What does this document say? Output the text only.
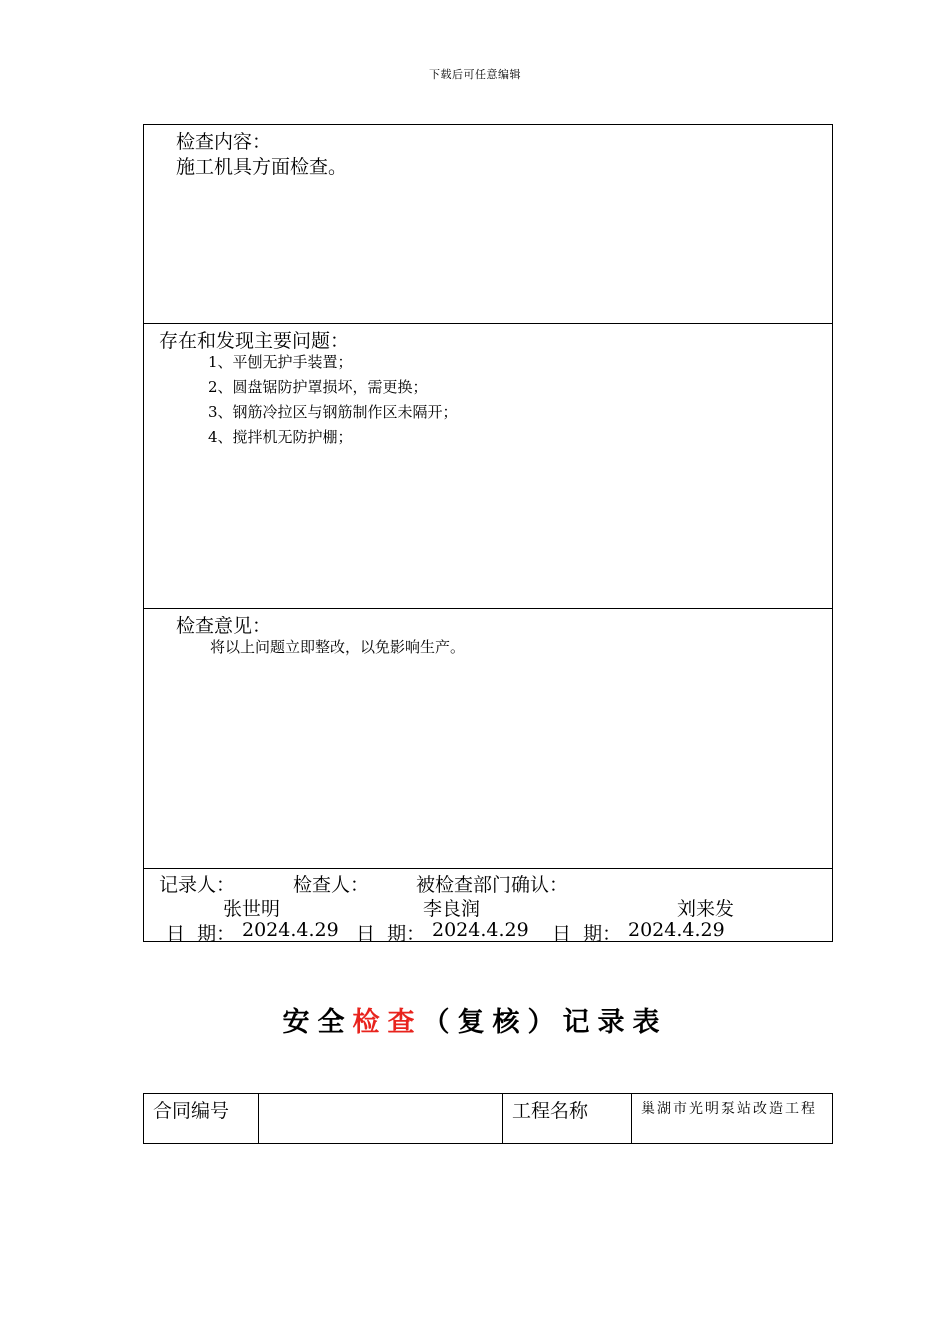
下载后可任意编辑
检查内容：
施工机具方面检查。
存在和发现主要问题：
1、平刨无护手装置；
2、圆盘锯防护罩损坏，需更换；
3、钢筋冷拉区与钢筋制作区未隔开；
4、搅拌机无防护棚；
检查意见：
将以上问题立即整改，以免影响生产。
记录人：	检查人： 被检查部门确认：
张世明	李良润	刘来发
日  期： 2024.4.29 日  期： 2024.4.29 日  期： 2024.4.29
安全检查（复核）记录表
合同编号	工程名称	巢湖市光明泵站改造工程
